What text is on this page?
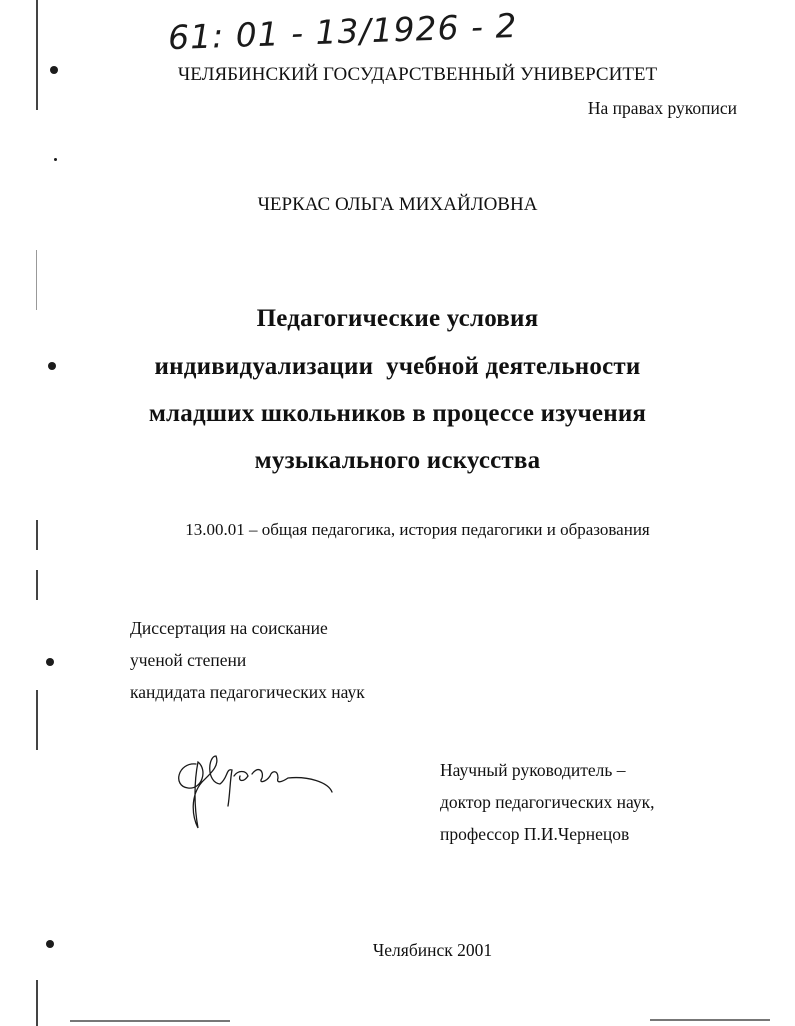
61: 01 - 13/1926 - 2
ЧЕЛЯБИНСКИЙ ГОСУДАРСТВЕННЫЙ УНИВЕРСИТЕТ
На правах рукописи
ЧЕРКАС ОЛЬГА МИХАЙЛОВНА
Педагогические условия
индивидуализации  учебной деятельности
младших школьников в процессе изучения
музыкального искусства
13.00.01 – общая педагогика, история педагогики и образования
Диссертация на соискание
ученой степени
кандидата педагогических наук
Научный руководитель –
доктор педагогических наук,
профессор П.И.Чернецов
Челябинск 2001
